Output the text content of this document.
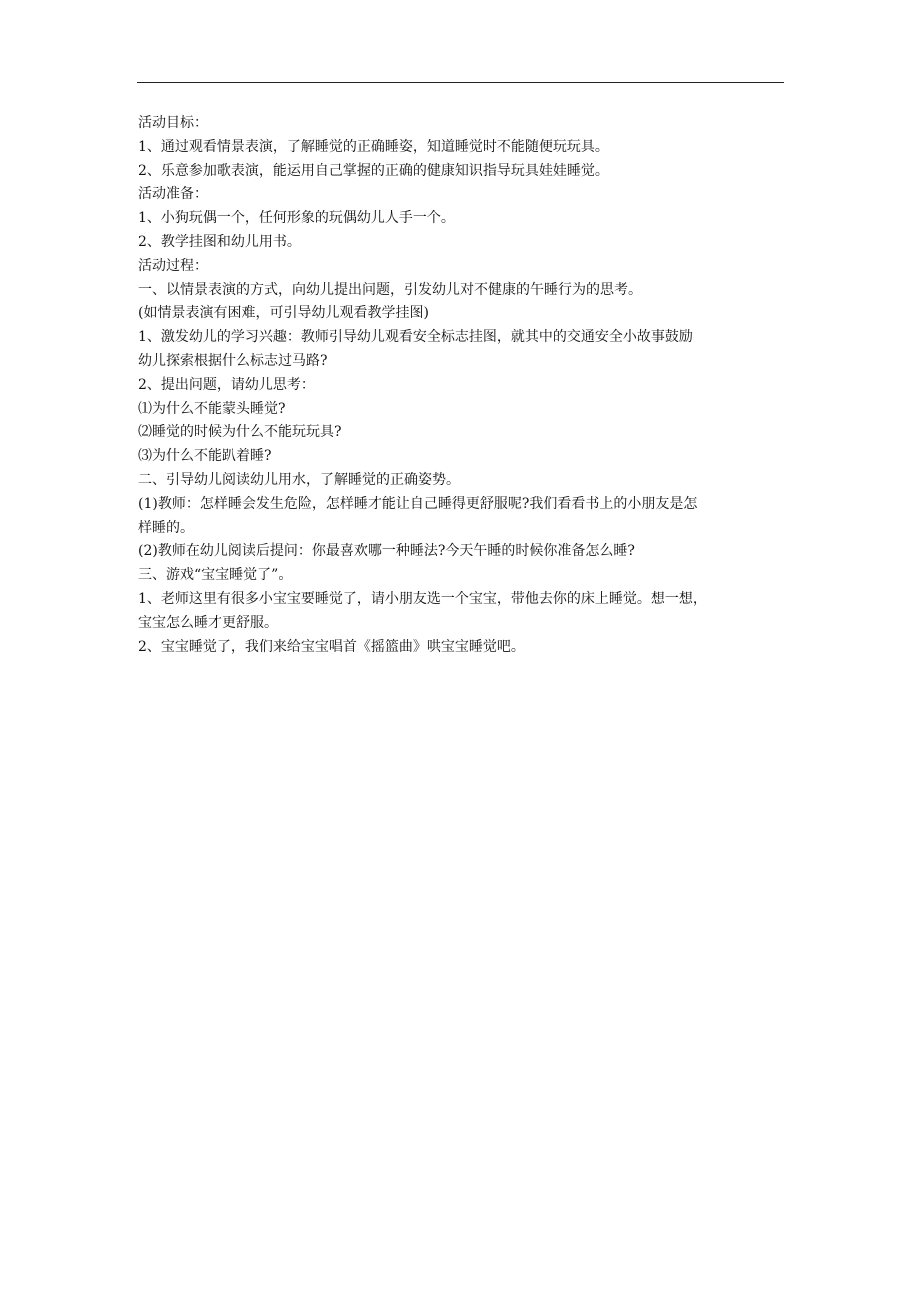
活动目标：

1、通过观看情景表演，了解睡觉的正确睡姿，知道睡觉时不能随便玩玩具。

2、乐意参加歌表演，能运用自己掌握的正确的健康知识指导玩具娃娃睡觉。

活动准备：

1、小狗玩偶一个，任何形象的玩偶幼儿人手一个。

2、教学挂图和幼儿用书。

活动过程：

一、以情景表演的方式，向幼儿提出问题，引发幼儿对不健康的午睡行为的思考。

(如情景表演有困难，可引导幼儿观看教学挂图)

1、激发幼儿的学习兴趣：教师引导幼儿观看安全标志挂图，就其中的交通安全小故事鼓励

幼儿探索根据什么标志过马路?

2、提出问题，请幼儿思考：

⑴为什么不能蒙头睡觉?

⑵睡觉的时候为什么不能玩玩具?

⑶为什么不能趴着睡?

二、引导幼儿阅读幼儿用水，了解睡觉的正确姿势。

(1)教师：怎样睡会发生危险，怎样睡才能让自己睡得更舒服呢?我们看看书上的小朋友是怎

样睡的。

(2)教师在幼儿阅读后提问：你最喜欢哪一种睡法?今天午睡的时候你准备怎么睡?

三、游戏“宝宝睡觉了”。

1、老师这里有很多小宝宝要睡觉了，请小朋友选一个宝宝，带他去你的床上睡觉。想一想，

宝宝怎么睡才更舒服。

2、宝宝睡觉了，我们来给宝宝唱首《摇篮曲》哄宝宝睡觉吧。
